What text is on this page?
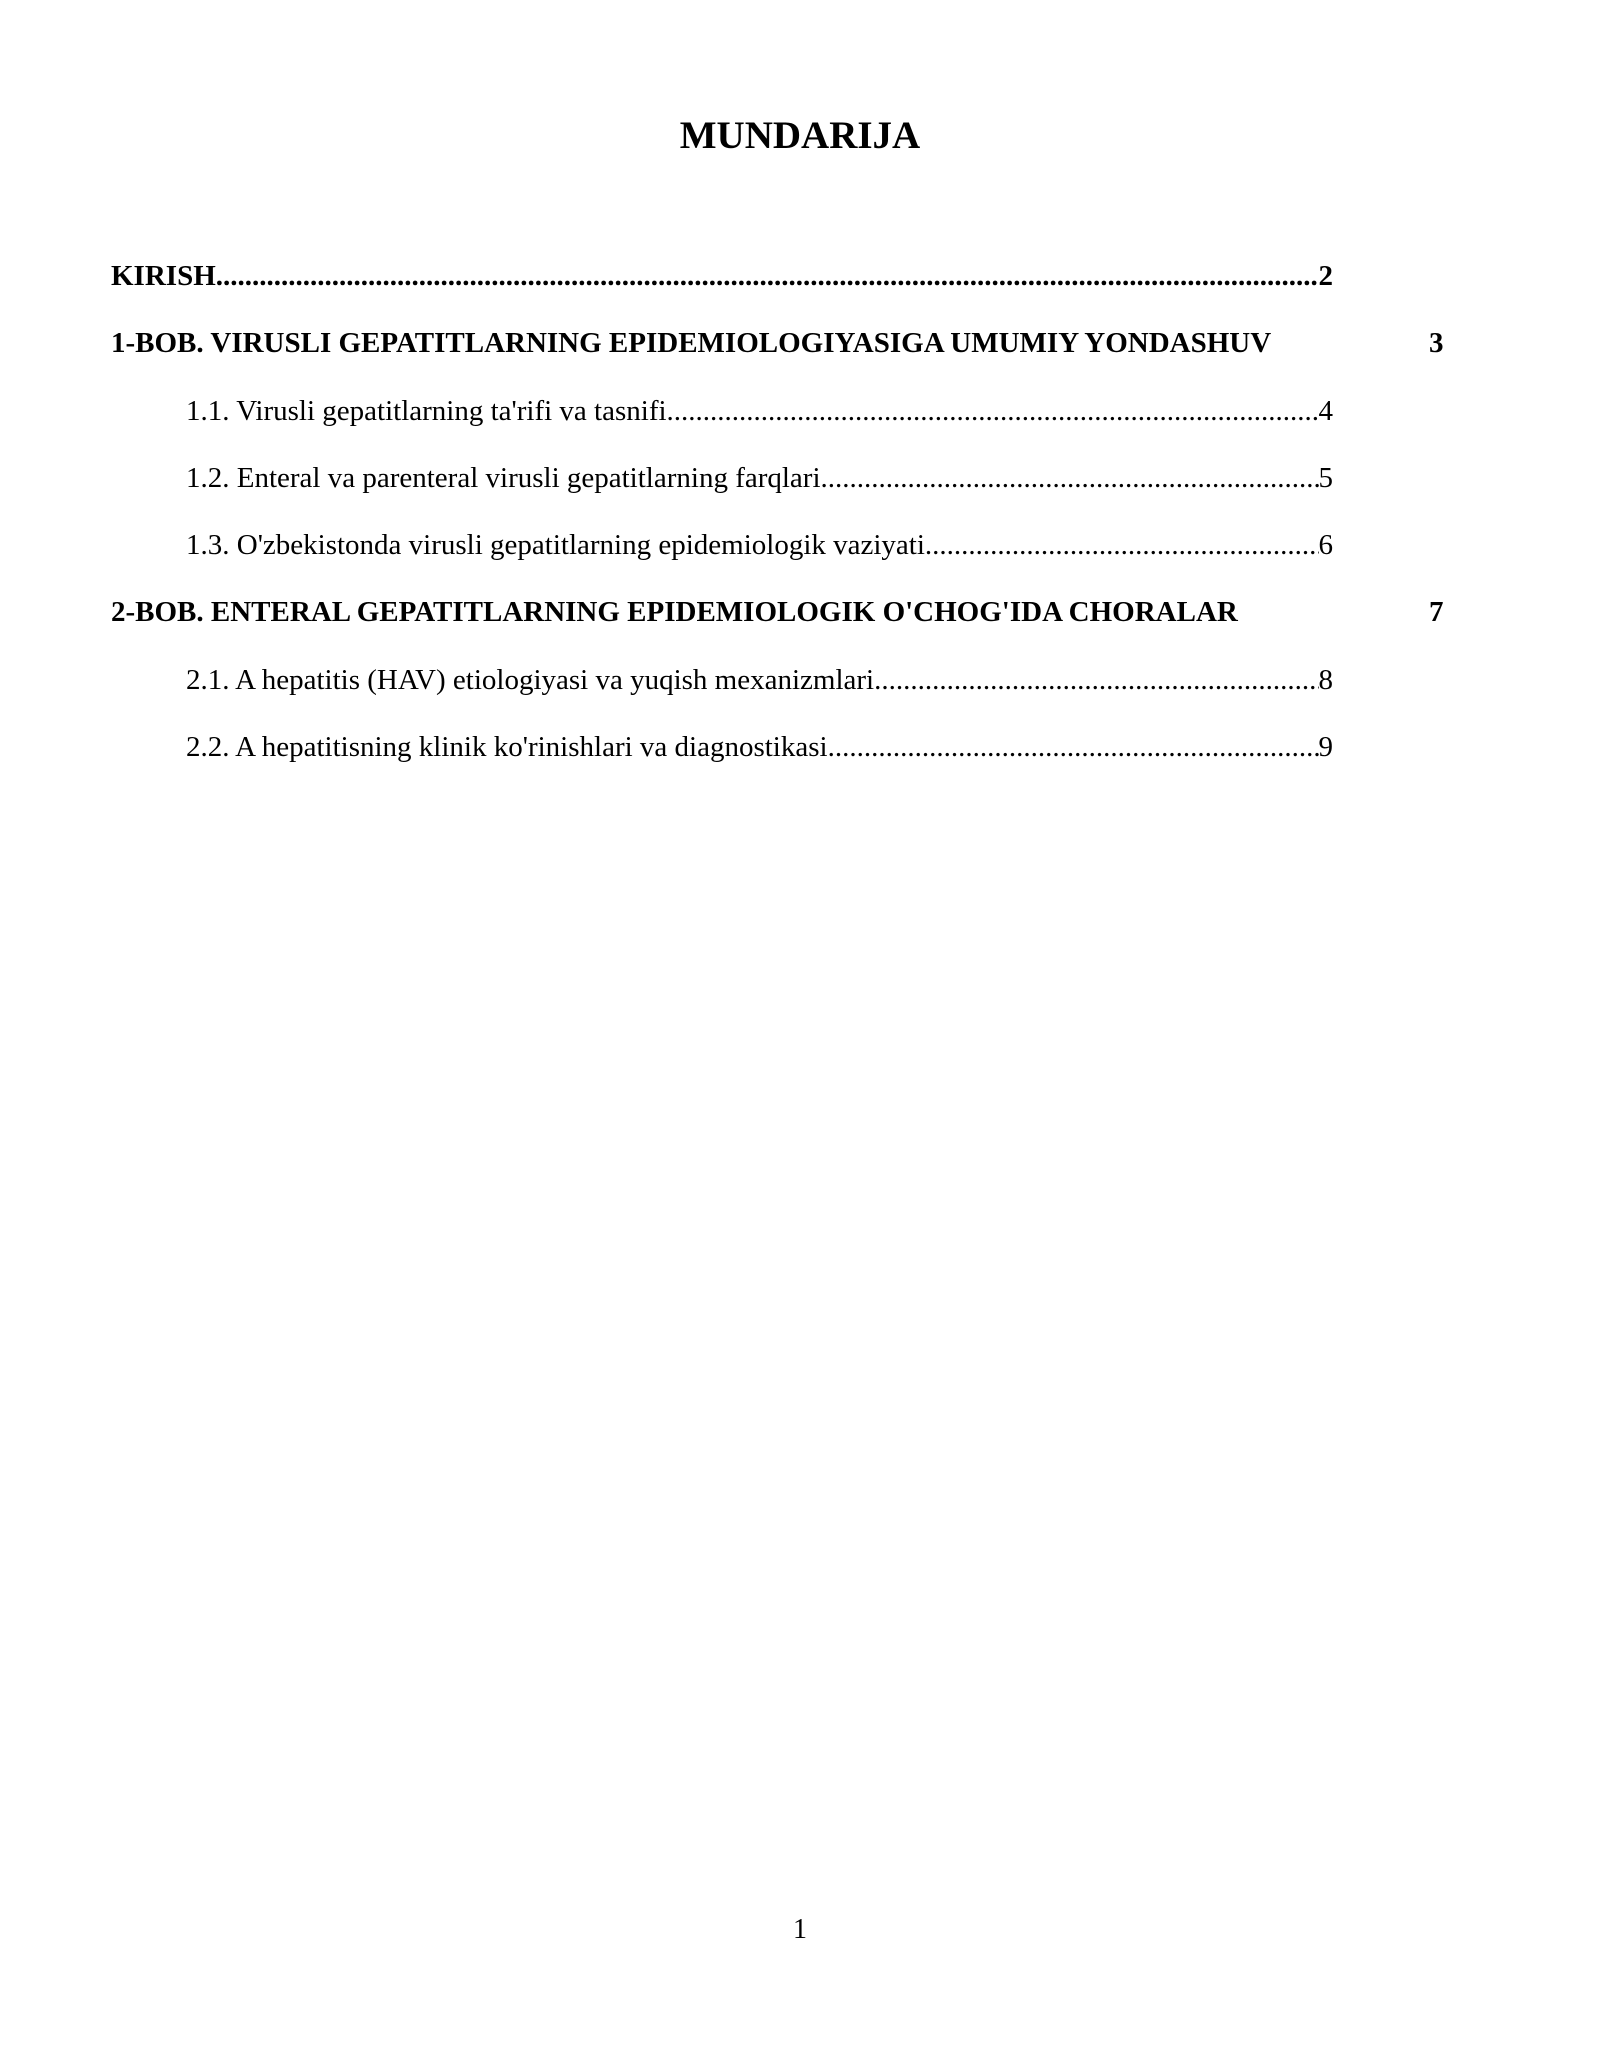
MUNDARIJA
KIRISH .....	2
1-BOB. VIRUSLI GEPATITLARNING EPIDEMIOLOGIYASIGA UMUMIY YONDASHUV	3
1.1. Virusli gepatitlarning ta'rifi va tasnifi .....	4
1.2. Enteral va parenteral virusli gepatitlarning farqlari .....	5
1.3. O'zbekistonda virusli gepatitlarning epidemiologik vaziyati .....	6
2-BOB. ENTERAL GEPATITLARNING EPIDEMIOLOGIK O'CHOG'IDA CHORALAR	7
2.1. A hepatitis (HAV) etiologiyasi va yuqish mexanizmlari .....	8
2.2. A hepatitisning klinik ko'rinishlari va diagnostikasi .....	9
1
